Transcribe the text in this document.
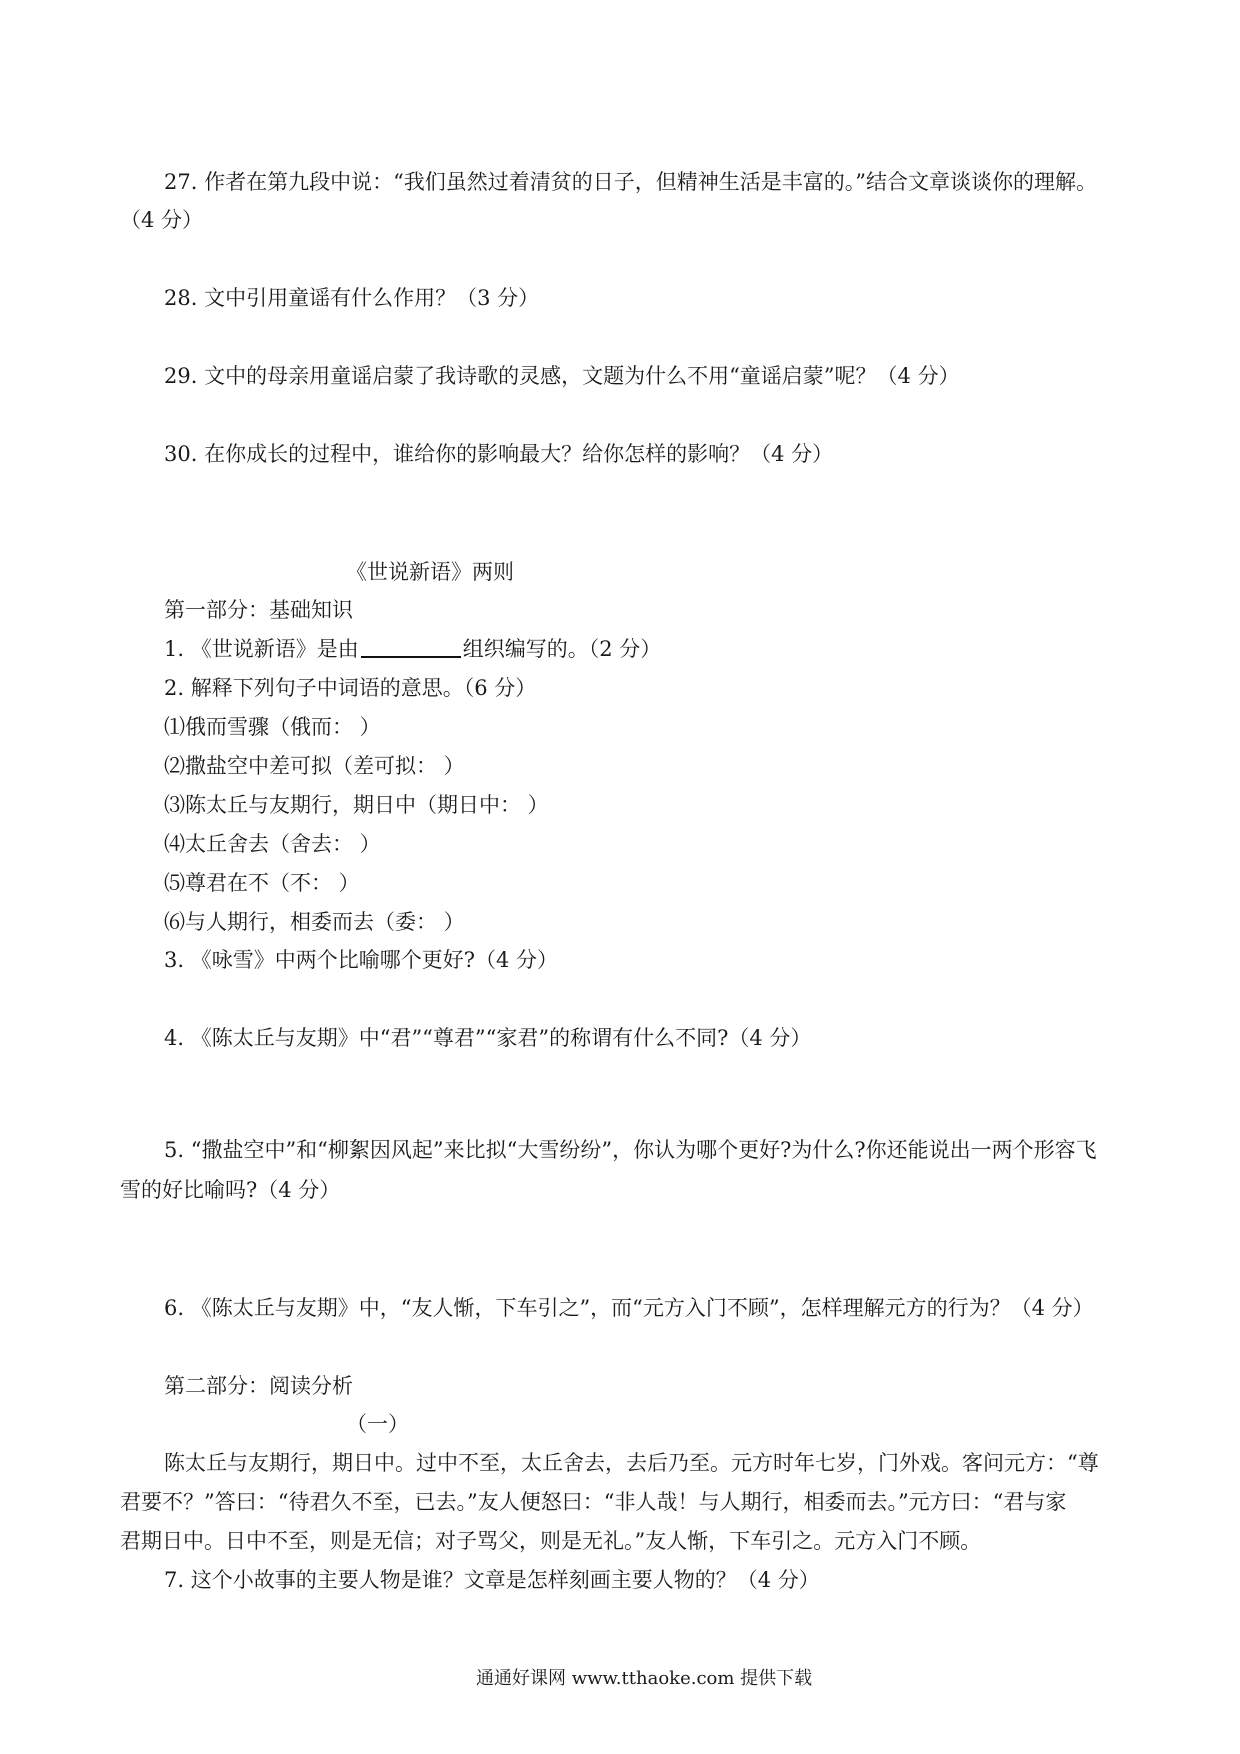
27. 作者在第九段中说：“我们虽然过着清贫的日子，但精神生活是丰富的。”结合文章谈谈你的理解。
（4 分）
28. 文中引用童谣有什么作用？（3 分）
29. 文中的母亲用童谣启蒙了我诗歌的灵感，文题为什么不用“童谣启蒙”呢？（4 分）
30. 在你成长的过程中，谁给你的影响最大？给你怎样的影响？（4 分）
《世说新语》两则
第一部分：基础知识
1. 《世说新语》是由	组织编写的。（2 分）
2. 解释下列句子中词语的意思。（6 分）
⑴俄而雪骤（俄而： ）
⑵撒盐空中差可拟（差可拟： ）
⑶陈太丘与友期行，期日中（期日中： ）
⑷太丘舍去（舍去： ）
⑸尊君在不（不： ）
⑹与人期行，相委而去（委： ）
3. 《咏雪》中两个比喻哪个更好?（4 分）
4. 《陈太丘与友期》中“君”“尊君”“家君”的称谓有什么不同?（4 分）
5. “撒盐空中”和“柳絮因风起”来比拟“大雪纷纷”，你认为哪个更好?为什么?你还能说出一两个形容飞
雪的好比喻吗?（4 分）
6. 《陈太丘与友期》中，“友人惭，下车引之”，而“元方入门不顾”，怎样理解元方的行为？（4 分）
第二部分：阅读分析
（一）
陈太丘与友期行，期日中。过中不至，太丘舍去，去后乃至。元方时年七岁，门外戏。客问元方：“尊
君要不？”答曰：“待君久不至，已去。”友人便怒曰：“非人哉！与人期行，相委而去。”元方曰：“君与家
君期日中。日中不至，则是无信；对子骂父，则是无礼。”友人惭，下车引之。元方入门不顾。
7. 这个小故事的主要人物是谁？文章是怎样刻画主要人物的？（4 分）
通通好课网 www.tthaoke.com 提供下载
